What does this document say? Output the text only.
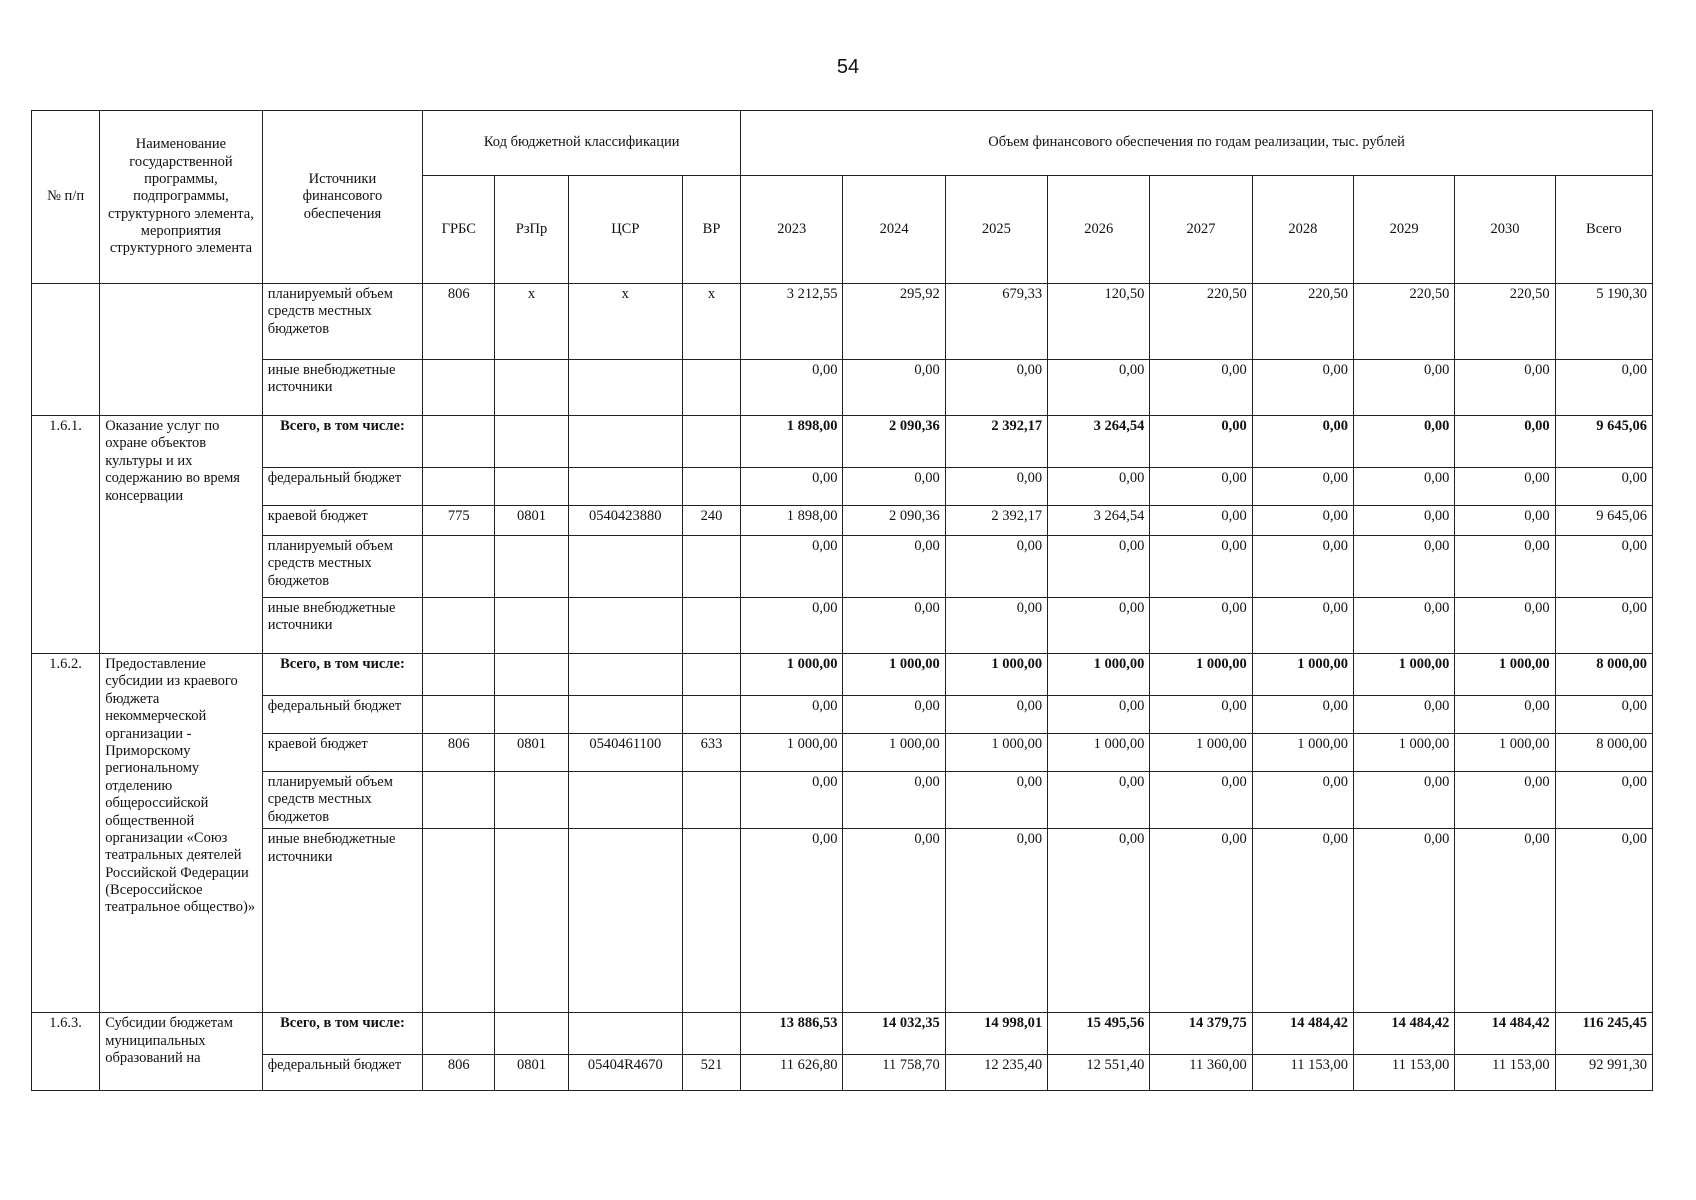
54
№ п/п	Наименование государственной программы, подпрограммы, структурного элемента, мероприятия структурного элемента	Источники финансового обеспечения	Код бюджетной классификации				Объем финансового обеспечения по годам реализации, тыс. рублей								
			ГРБС	РзПр	ЦСР	ВР	2023	2024	2025	2026	2027	2028	2029	2030	Всего
		планируемый объем средств местных бюджетов	806	x	x	x	3 212,55	295,92	679,33	120,50	220,50	220,50	220,50	220,50	5 190,30
		иные внебюджетные источники					0,00	0,00	0,00	0,00	0,00	0,00	0,00	0,00	0,00
1.6.1.	Оказание услуг по охране объектов культуры и их содержанию во время консервации	Всего, в том числе:					1 898,00	2 090,36	2 392,17	3 264,54	0,00	0,00	0,00	0,00	9 645,06
		федеральный бюджет					0,00	0,00	0,00	0,00	0,00	0,00	0,00	0,00	0,00
		краевой бюджет	775	0801	0540423880	240	1 898,00	2 090,36	2 392,17	3 264,54	0,00	0,00	0,00	0,00	9 645,06
		планируемый объем средств местных бюджетов					0,00	0,00	0,00	0,00	0,00	0,00	0,00	0,00	0,00
		иные внебюджетные источники					0,00	0,00	0,00	0,00	0,00	0,00	0,00	0,00	0,00
1.6.2.	Предоставление субсидии из краевого бюджета некоммерческой организации - Приморскому региональному отделению общероссийской общественной организации «Союз театральных деятелей Российской Федерации (Всероссийское театральное общество)»	Всего, в том числе:					1 000,00	1 000,00	1 000,00	1 000,00	1 000,00	1 000,00	1 000,00	1 000,00	8 000,00
		федеральный бюджет					0,00	0,00	0,00	0,00	0,00	0,00	0,00	0,00	0,00
		краевой бюджет	806	0801	0540461100	633	1 000,00	1 000,00	1 000,00	1 000,00	1 000,00	1 000,00	1 000,00	1 000,00	8 000,00
		планируемый объем средств местных бюджетов					0,00	0,00	0,00	0,00	0,00	0,00	0,00	0,00	0,00
		иные внебюджетные источники					0,00	0,00	0,00	0,00	0,00	0,00	0,00	0,00	0,00
1.6.3.	Субсидии бюджетам муниципальных образований на	Всего, в том числе:					13 886,53	14 032,35	14 998,01	15 495,56	14 379,75	14 484,42	14 484,42	14 484,42	116 245,45
		федеральный бюджет	806	0801	05404R4670	521	11 626,80	11 758,70	12 235,40	12 551,40	11 360,00	11 153,00	11 153,00	11 153,00	92 991,30
